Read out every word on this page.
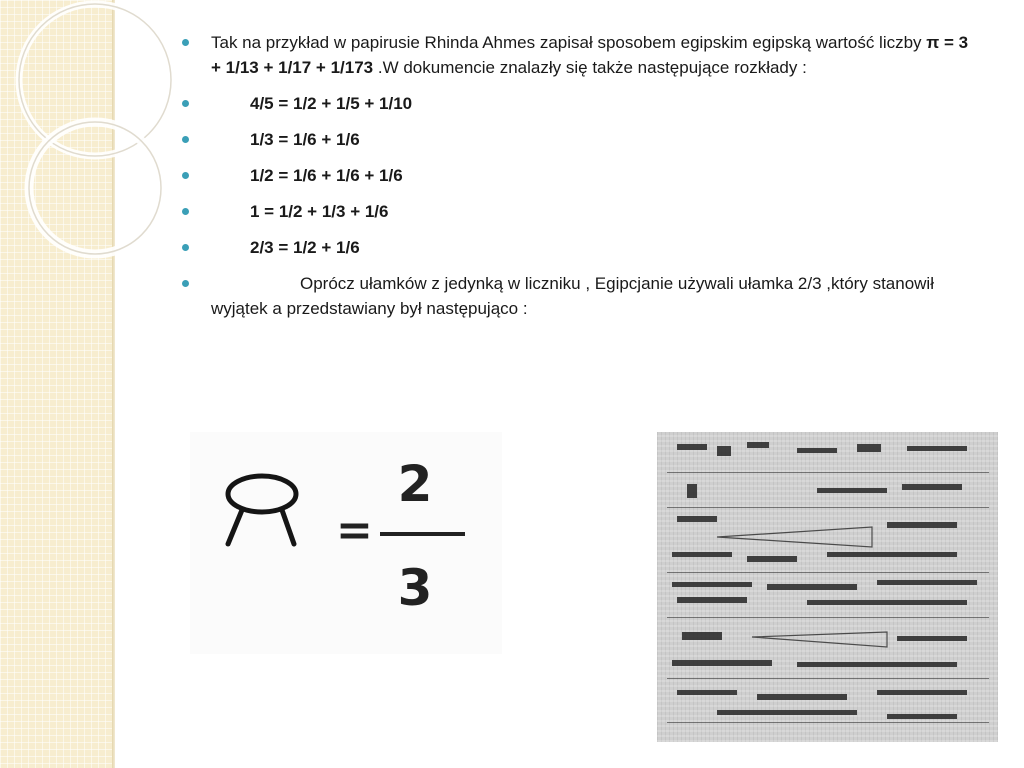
Tak na przykład w papirusie Rhinda Ahmes zapisał sposobem egipskim egipską wartość liczby π = 3 + 1/13 + 1/17 + 1/173 .W dokumencie znalazły się także następujące rozkłady :
4/5 = 1/2 + 1/5 + 1/10
1/3 = 1/6 + 1/6
1/2 = 1/6 + 1/6 + 1/6
1 = 1/2 + 1/3 + 1/6
2/3 = 1/2 + 1/6
Oprócz ułamków z jedynką w liczniku , Egipcjanie używali ułamka 2/3 ,który stanowił wyjątek a przedstawiany był następująco :
=
2
3
